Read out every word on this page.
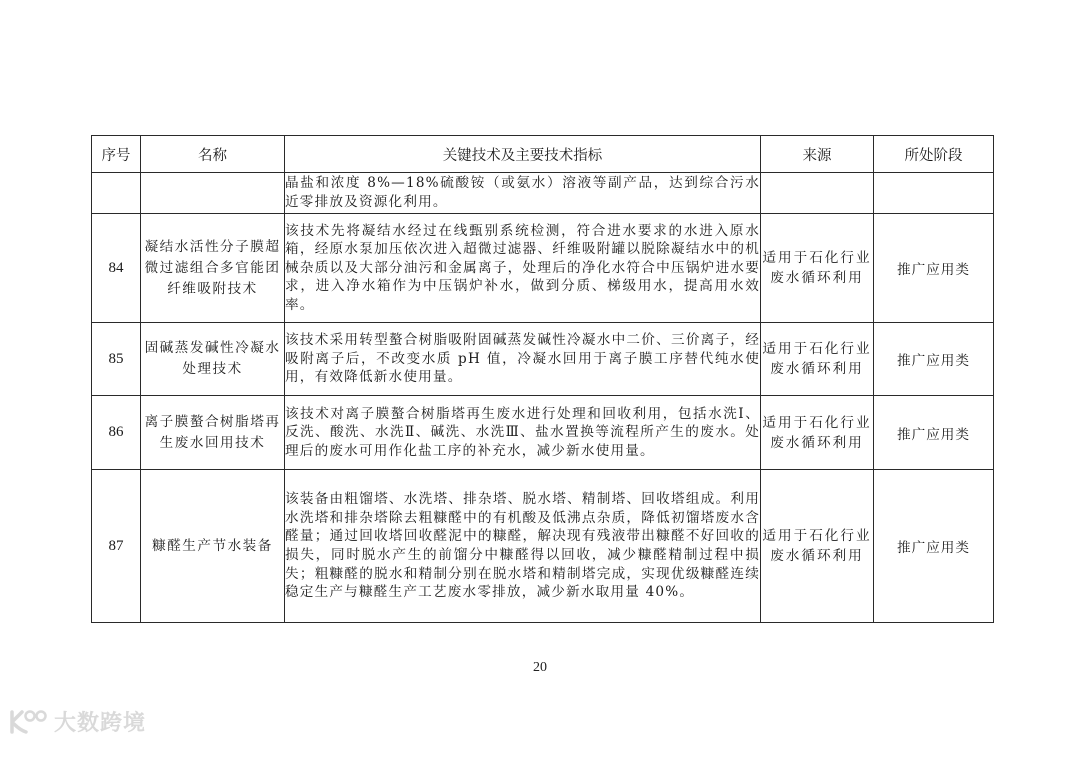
序号	名称	关键技术及主要技术指标	来源	所处阶段
		晶盐和浓度 8%—18%硫酸铵（或氨水）溶液等副产品，达到综合污水近零排放及资源化利用。		
84	凝结水活性分子膜超微过滤组合多官能团纤维吸附技术	该技术先将凝结水经过在线甄别系统检测，符合进水要求的水进入原水箱，经原水泵加压依次进入超微过滤器、纤维吸附罐以脱除凝结水中的机械杂质以及大部分油污和金属离子，处理后的净化水符合中压锅炉进水要求，进入净水箱作为中压锅炉补水，做到分质、梯级用水，提高用水效率。	适用于石化行业废水循环利用	推广应用类
85	固碱蒸发碱性冷凝水处理技术	该技术采用转型螯合树脂吸附固碱蒸发碱性冷凝水中二价、三价离子，经吸附离子后，不改变水质 pH 值，冷凝水回用于离子膜工序替代纯水使用，有效降低新水使用量。	适用于石化行业废水循环利用	推广应用类
86	离子膜螯合树脂塔再生废水回用技术	该技术对离子膜螯合树脂塔再生废水进行处理和回收利用，包括水洗Ⅰ、反洗、酸洗、水洗Ⅱ、碱洗、水洗Ⅲ、盐水置换等流程所产生的废水。处理后的废水可用作化盐工序的补充水，减少新水使用量。	适用于石化行业废水循环利用	推广应用类
87	糠醛生产节水装备	该装备由粗馏塔、水洗塔、排杂塔、脱水塔、精制塔、回收塔组成。利用水洗塔和排杂塔除去粗糠醛中的有机酸及低沸点杂质，降低初馏塔废水含醛量；通过回收塔回收醛泥中的糠醛，解决现有残液带出糠醛不好回收的损失，同时脱水产生的前馏分中糠醛得以回收，减少糠醛精制过程中损失；粗糠醛的脱水和精制分别在脱水塔和精制塔完成，实现优级糠醛连续稳定生产与糠醛生产工艺废水零排放，减少新水取用量 40%。	适用于石化行业废水循环利用	推广应用类
20
大数跨境
